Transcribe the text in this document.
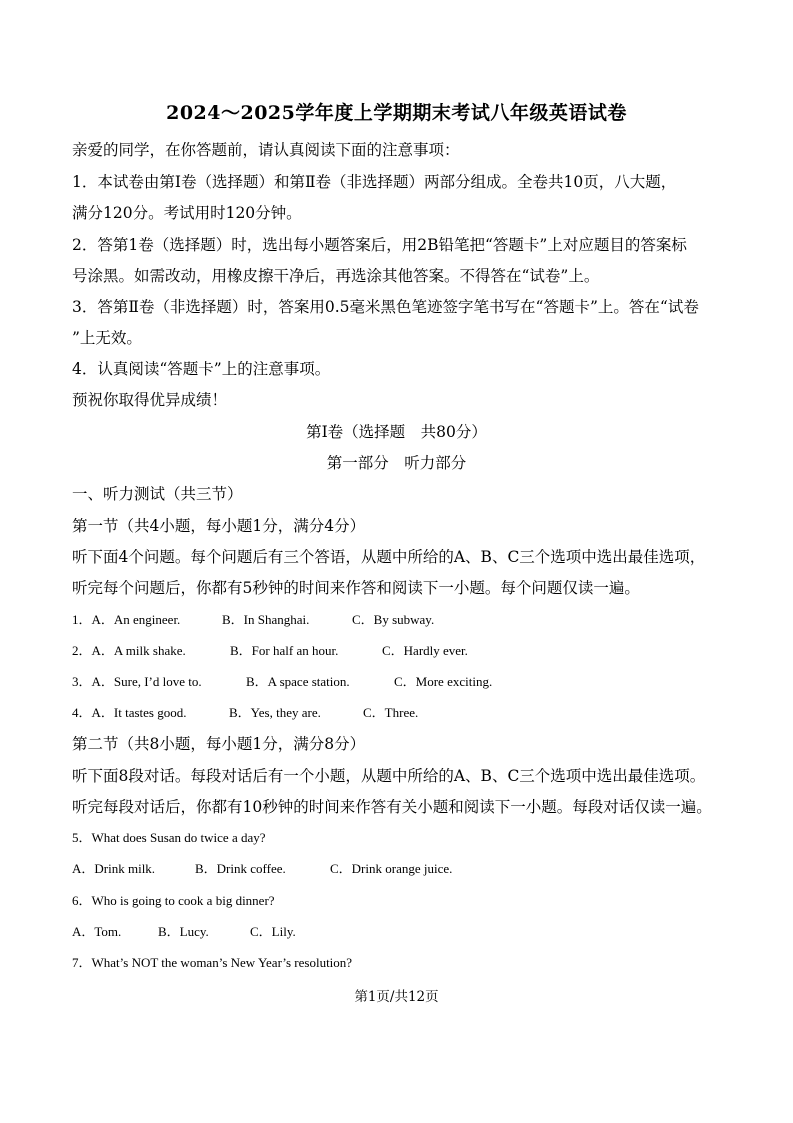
2024～2025学年度上学期期末考试八年级英语试卷
亲爱的同学，在你答题前，请认真阅读下面的注意事项：
1．本试卷由第Ⅰ卷（选择题）和第Ⅱ卷（非选择题）两部分组成。全卷共10页，八大题，
满分120分。考试用时120分钟。
2．答第1卷（选择题）时，选出每小题答案后，用2B铅笔把“答题卡”上对应题目的答案标
号涂黑。如需改动，用橡皮擦干净后，再选涂其他答案。不得答在“试卷”上。
3．答第Ⅱ卷（非选择题）时，答案用0.5毫米黑色笔迹签字笔书写在“答题卡”上。答在“试卷
”上无效。
4．认真阅读“答题卡”上的注意事项。
预祝你取得优异成绩！
第Ⅰ卷（选择题　共80分）
第一部分　听力部分
一、听力测试（共三节）
第一节（共4小题，每小题1分，满分4分）
听下面4个问题。每个问题后有三个答语，从题中所给的A、B、C三个选项中选出最佳选项，
听完每个问题后，你都有5秒钟的时间来作答和阅读下一小题。每个问题仅读一遍。
1．A．An engineer.	B．In Shanghai.	C．By subway.
2．A．A milk shake.	B．For half an hour.	C．Hardly ever.
3．A．Sure, I’d love to.	B．A space station.	C．More exciting.
4．A．It tastes good.	B．Yes, they are.	C．Three.
第二节（共8小题，每小题1分，满分8分）
听下面8段对话。每段对话后有一个小题，从题中所给的A、B、C三个选项中选出最佳选项。
听完每段对话后，你都有10秒钟的时间来作答有关小题和阅读下一小题。每段对话仅读一遍。
5．What does Susan do twice a day?
A．Drink milk.	B．Drink coffee.	C．Drink orange juice.
6．Who is going to cook a big dinner?
A．Tom.	B．Lucy.	C．Lily.
7．What’s NOT the woman’s New Year’s resolution?
第1页/共12页
